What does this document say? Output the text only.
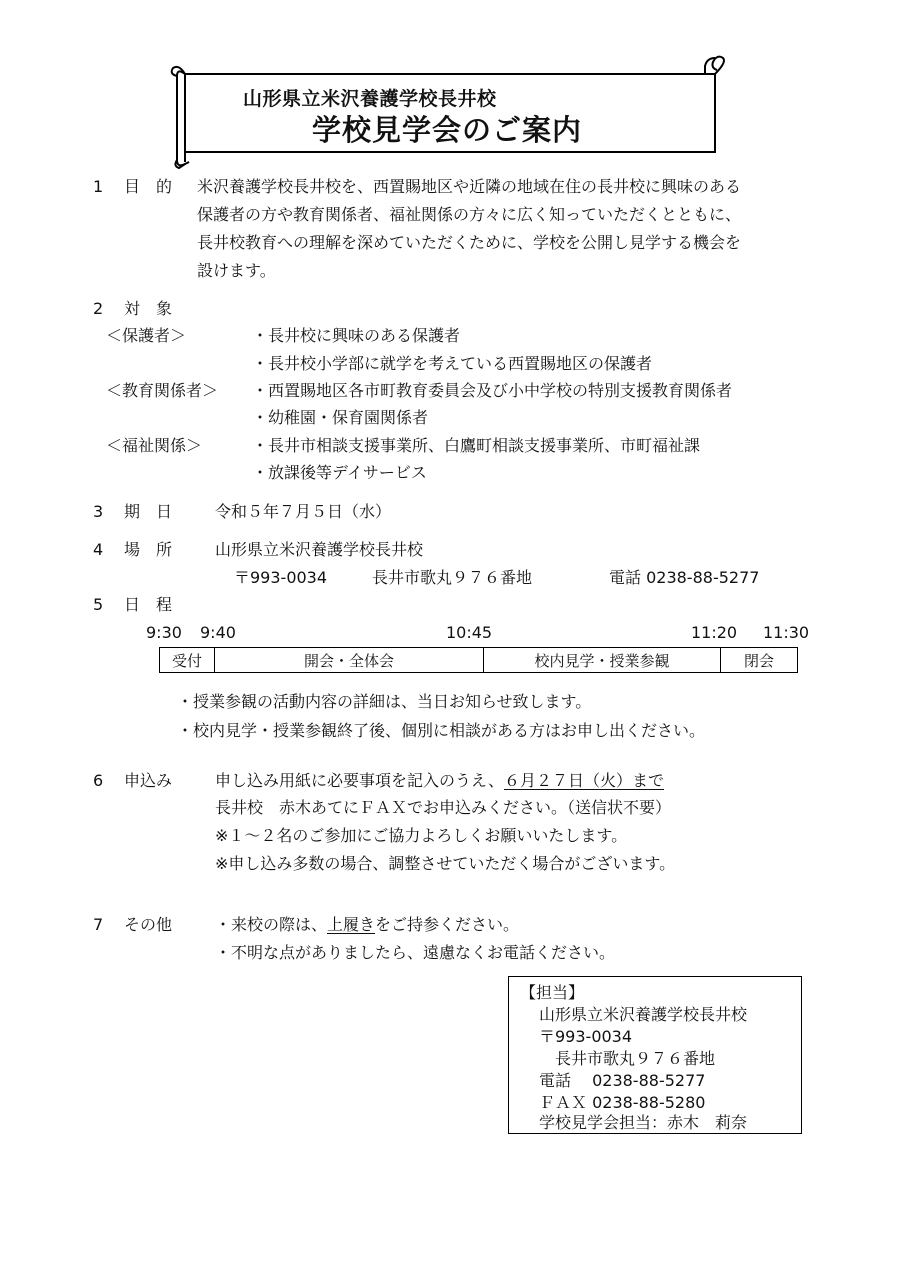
山形県立米沢養護学校長井校
学校見学会のご案内
1 目　的 米沢養護学校長井校を、西置賜地区や近隣の地域在住の長井校に興味のある
保護者の方や教育関係者、福祉関係の方々に広く知っていただくとともに、
長井校教育への理解を深めていただくために、学校を公開し見学する機会を
設けます。
2 対　象
＜保護者＞	・長井校に興味のある保護者
・長井校小学部に就学を考えている西置賜地区の保護者
＜教育関係者＞ ・西置賜地区各市町教育委員会及び小中学校の特別支援教育関係者
・幼稚園・保育園関係者
＜福祉関係＞	・長井市相談支援事業所、白鷹町相談支援事業所、市町福祉課
・放課後等デイサービス
3 期　日	令和５年７月５日（水）
4 場　所	山形県立米沢養護学校長井校
〒993-0034	長井市歌丸９７６番地	電話 0238-88-5277
5 日　程
9:30 9:40	10:45	11:20 11:30
受付	開会・全体会	校内見学・授業参観	閉会
・授業参観の活動内容の詳細は、当日お知らせ致します。
・校内見学・授業参観終了後、個別に相談がある方はお申し出ください。
6 申込み	申し込み用紙に必要事項を記入のうえ、６月２７日（火）まで
長井校　赤木あてにＦＡＸでお申込みください。（送信状不要）
※１～２名のご参加にご協力よろしくお願いいたします。
※申し込み多数の場合、調整させていただく場合がございます。
7 その他	・来校の際は、上履きをご持参ください。
・不明な点がありましたら、遠慮なくお電話ください。
【担当】
山形県立米沢養護学校長井校
〒993-0034
　長井市歌丸９７６番地
電話　 0238-88-5277
ＦＡＸ 0238-88-5280
学校見学会担当：赤木　莉奈
